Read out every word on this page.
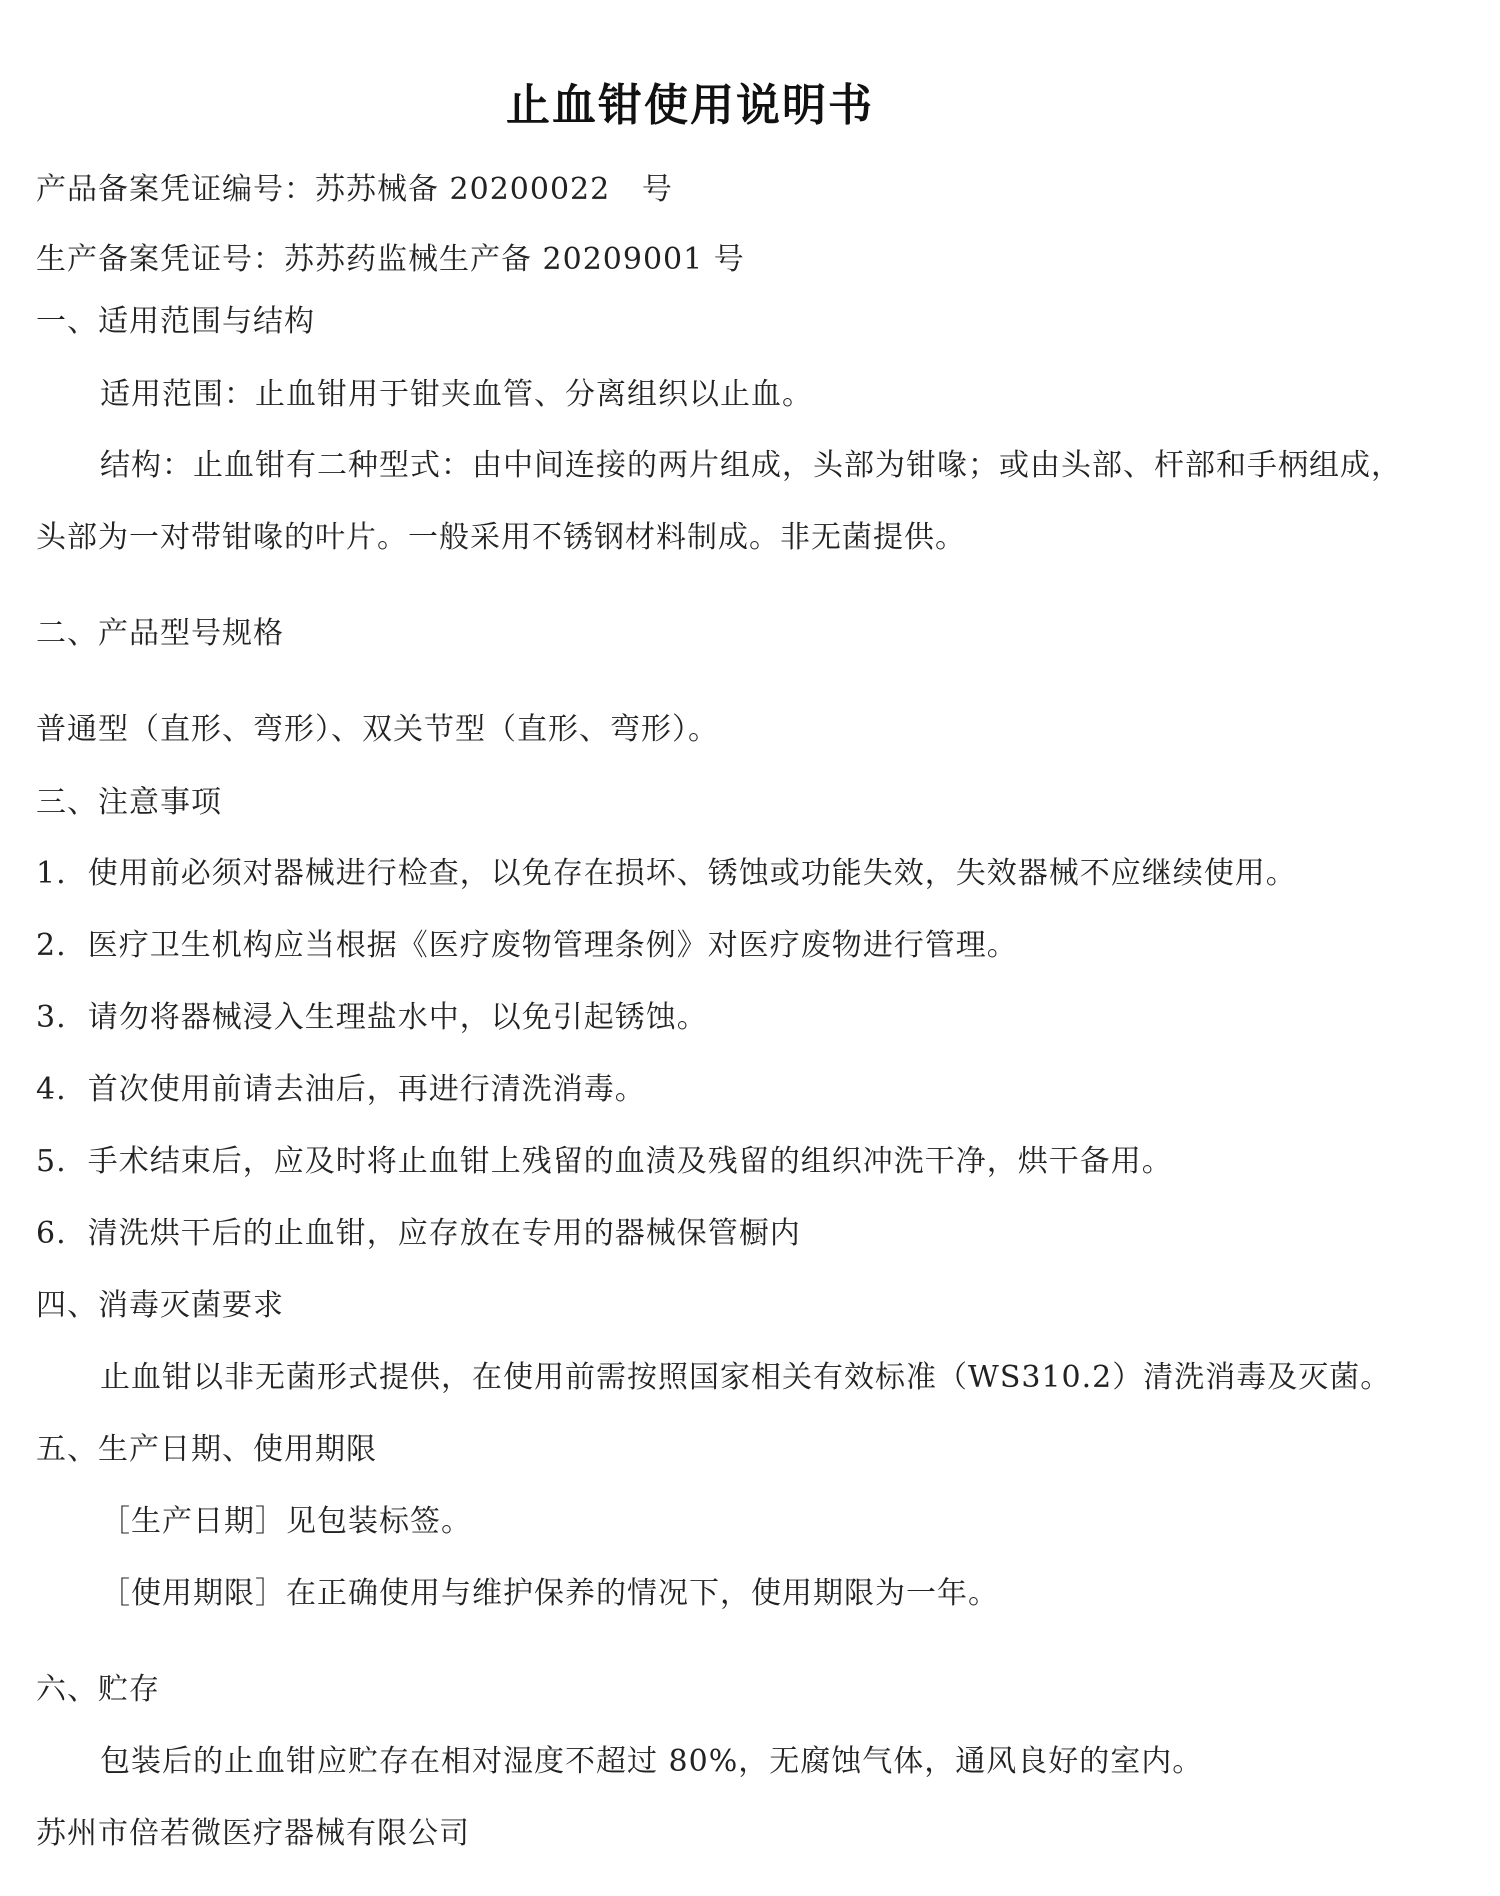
止血钳使用说明书
产品备案凭证编号：苏苏械备 20200022   号
生产备案凭证号：苏苏药监械生产备 20209001 号
一、适用范围与结构
适用范围：止血钳用于钳夹血管、分离组织以止血。
结构：止血钳有二种型式：由中间连接的两片组成，头部为钳喙；或由头部、杆部和手柄组成，
头部为一对带钳喙的叶片。一般采用不锈钢材料制成。非无菌提供。
二、产品型号规格
普通型（直形、弯形）、双关节型（直形、弯形）。
三、注意事项
1.  使用前必须对器械进行检查，以免存在损坏、锈蚀或功能失效，失效器械不应继续使用。
2.  医疗卫生机构应当根据《医疗废物管理条例》对医疗废物进行管理。
3.  请勿将器械浸入生理盐水中，以免引起锈蚀。
4.  首次使用前请去油后，再进行清洗消毒。
5.  手术结束后，应及时将止血钳上残留的血渍及残留的组织冲洗干净，烘干备用。
6.  清洗烘干后的止血钳，应存放在专用的器械保管橱内
四、消毒灭菌要求
止血钳以非无菌形式提供，在使用前需按照国家相关有效标准（WS310.2）清洗消毒及灭菌。
五、生产日期、使用期限
［生产日期］见包装标签。
［使用期限］在正确使用与维护保养的情况下，使用期限为一年。
六、贮存
包装后的止血钳应贮存在相对湿度不超过 80%，无腐蚀气体，通风良好的室内。
苏州市倍若微医疗器械有限公司
